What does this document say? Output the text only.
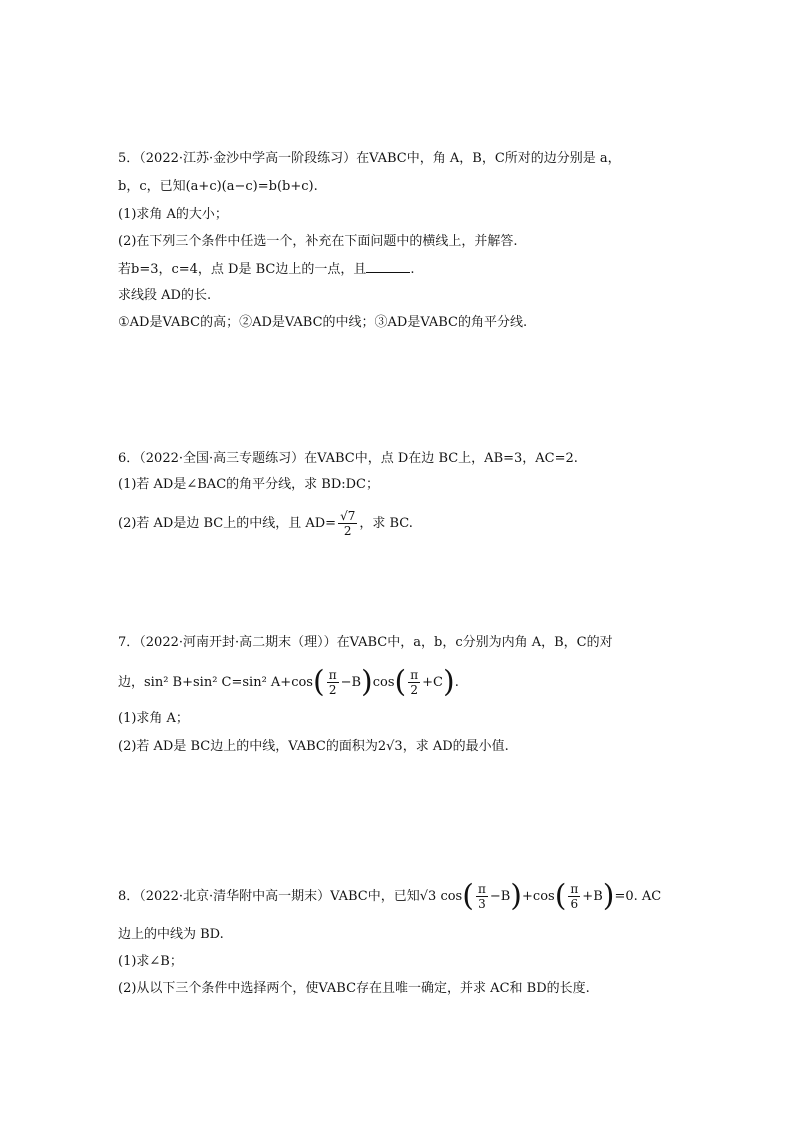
5．（2022·江苏·金沙中学高一阶段练习）在VABC中，角 A，B，C所对的边分别是 a，
b，c，已知(a+c)(a−c)=b(b+c).
(1)求角 A的大小；
(2)在下列三个条件中任选一个，补充在下面问题中的横线上，并解答.
若b=3，c=4，点 D是 BC边上的一点，且	.
求线段 AD的长.
①AD是VABC的高；②AD是VABC的中线；③AD是VABC的角平分线.
6．（2022·全国·高三专题练习）在VABC中，点 D在边 BC上，AB=3，AC=2.
(1)若 AD是∠BAC的角平分线，求 BD:DC；
(2)若 AD是边 BC上的中线，且 $AD= \frac{√7}{2}$ ，求 BC.
7．（2022·河南开封·高二期末（理））在VABC中，a，b，c分别为内角 A，B，C的对
边，sin² B+sin² C=sin² $A+\cos( \frac{\pi}{2} -B)\cos( \frac{\pi}{2} +C)$.
(1)求角 A；
(2)若 AD是 BC边上的中线，VABC的面积为2√3，求 AD的最小值.
8．（2022·北京·清华附中高一期末）VABC中，已知√3 $\cos( \frac{\pi}{3} -B)+\cos( \frac{\pi}{6} +B)=0$. AC
边上的中线为 BD.
(1)求∠B；
(2)从以下三个条件中选择两个，使VABC存在且唯一确定，并求 AC和 BD的长度.
